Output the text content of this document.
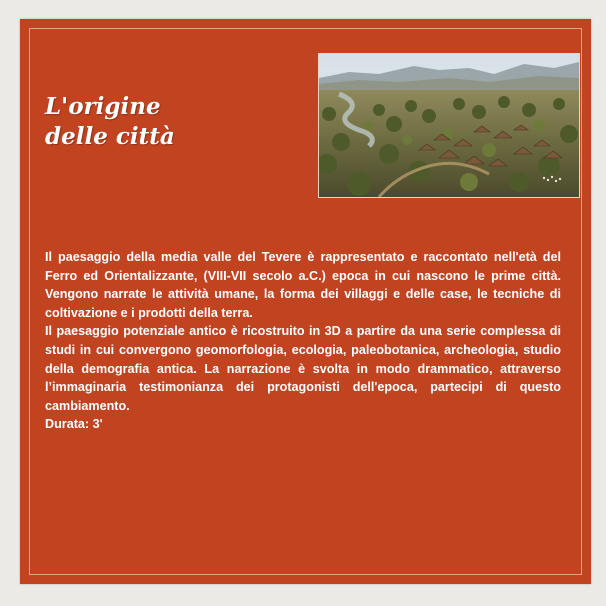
L'origine
delle città

Il paesaggio della media valle del Tevere è rappresentato e raccontato nell'età del Ferro ed Orientalizzante, (VIII-VII secolo a.C.) epoca in cui nascono le prime città. Vengono narrate le attività umane, la forma dei villaggi e delle case, le tecniche di coltivazione e i prodotti della terra.

Il paesaggio potenziale antico è ricostruito in 3D a partire da una serie complessa di studi in cui convergono geomorfologia, ecologia, paleobotanica, archeologia, studio della demografia antica. La narrazione è svolta in modo drammatico, attraverso l’immaginaria testimonianza dei protagonisti dell'epoca, partecipi di questo cambiamento.

Durata: 3'
